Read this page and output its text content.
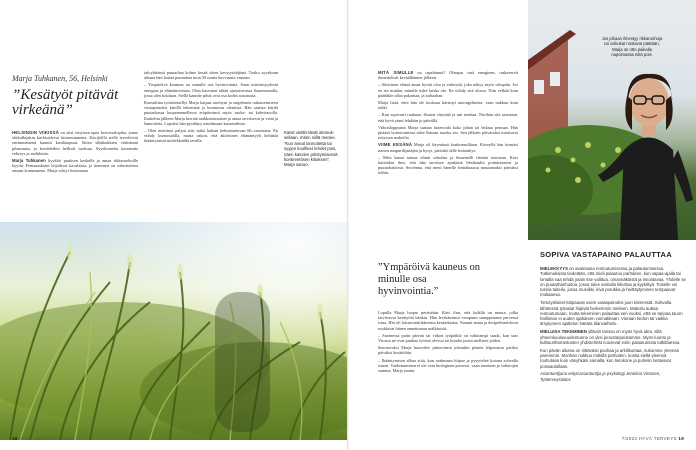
Marja Tuhkanen, 56, Helsinki
”Kesätyöt pitävät virkeänä”

HELSINGIN VIIKISSÄ on yksi erityisen upea kerrossalopiha, jonne ohikulkijakin kurkistelevat kiinnostuneina. Kävijöillä siellä tervehtivät ensimmäisenä kauniit kirsikkapuut. Sitten tähtikukkien värittämät pihamaata, ja kortteleihin hellivät tuoksua. Syyshornetta kauneutta vehreys ja mehikinta.

Marja Tuhkanen kyykkii puuksen keskellä ja antaa rikkaruohoille kyytiä. Pensasaskasei leijailivat kavalaisia, ja tiemmeri on valmisteissa omaan kommaansa. Marja ryhtyi hoitamaan

taloyhtiönsä puutarhaa kolme kesää sitten kevytyrittäjänä. Touko–syyskuun aikana hän hoitaa puutarhaa noin 50 tuntia kuvvausta vastaan.

– Ympäröivä kauneus on minulle osa hyvinvointia. Saan esteettisyydestä energiaa ja elämänvoimaa. Olen kasvanut tähän ajassasivassa Saarenmaalla, jossa olen kouluun. Siellä kaunite pihat ovat osa kodin sisustusta.

Konsultina työskennellyt Marja kaipaa airoitym ja ongelmien ratkaisemiseen vastapainoksi käsillä tekemistä ja luonnossa olemista. Hän saattaa käydä puutarhassa luopeammellessa eräpäivänsä myös ruoka- tai kahvitauolla. Ilsakeltin jälkeen Marja kiertää raakkutustoaiset ja antaa tarvitsevat ja vettä ja lannoitetta. Lopuksi hän pysähtyy nauttimaan kauneudesta.

– Olen miettinyt paljon sitä, mikä haluan kehontuntuvan 60–vuotiaana. En viihdy kunnosalilla, mutta uskon, että aktiivinen elämäntyyli kehittää ikääntymistä mielekkäällä tavalla.

Kaivit vieläh-tävät olemuk-sellaan, miten niillä menee. ”Kun annat lannoitetta tai syyjen kuollleet lehdet pois, näen kasvien piristymisessä konkreettisen kiitoksen”, Marja sanoo.
18 HYVÄ TERVEYS 7/2022

MITÄ SIMULLE on tapahtunut? Olenpas sinä energinen, rinkavereit ihmettelivät keväällämme jälkeen.

– Aktivinen elämä antaa hyvää oloa ja virkeyttä, joka näkyy myös ulospäin. Jos en tee mitään, minulle tulee laiska olo. En viihdy sitä olossa. Niin velkää kuin päädäkin allaa pakontaa, ja tarhaahan.

Marja lisää, ettei hän ole koskaan kärsinyt uniongelmista, vaan nukkuu kuin tukki.

– Kun sopivasti rauhaua. Ilsaton väsyttää ja uni maittaa. Nörthän sitä sanotaan, että hyvä ytuni tehdään jo päivällä.

Viikonloppuisin Marja saattaa haravoida koko pihan tai leikata pensaat. Hän pitääsä hoitotoimessa talee lhaisan tauoka eto. Sen jälkeen päivässäni maistuvat erityisen makeilta.

VIIME KESÄNÄ Marja oli käymässä konkonsulilaan. Käveyllä hän törmäsi naisen naapurilijanäjän ja kysyi, pärisikö tälle lesänittiys.

– Mies kanut minua olimit sokulsta ja ihmemelli ilemän toimiaan. Kävi kuitenkin ilmi, että hän tarvitsee apukäsiä lehtikaulin poimintaseen ja puutarhatöissä. Suvienna, että meni hänelle heinäkuussa muutamaksi päiväksi töihin.

Jos pihaan ilmestyy rikkaruohoja tai voikukat nostavat päätään, Marja on otto paikalla napoimassa niitä pois.
”Ympäröivä kauneus on minulle osa hyvinvointia.”

Lopulla Marja luopui pestistään. Kävi ilmi, että kylällä on muuta, jolka tarvitsevat kesätyötä hänkin. Hän levittämässä verapuun suuuppuunsa parvessa istua. Hin oli laistavarattikkeensa kesäaikaista. Naamit antaa ja desipeikiasidovat ruokkivat hänen annettoman mälkäsistä.

– Suomessa parin päivän tai viikon työpätkiä on valkeampi saada, kun taas Virossa ne ovat puuhaa työissä olevuu tai kondia jotain mellisen joiden.

Seuraavaksi Marja haaveilee pääsevänsä johonkin pienen lelpomeon pariksi päiväksi kesätöihin.

– Ikääntymisen alkua siitä, kun urahmaan hitpaa ja pysytteleë kotona sohvalla istuen. Vanhenaminen ei ole vain biologinen prosessi, vaan asenteen ja valintojen summa, Marja ruumi.

SOPIVA VASTAPAINO PALAUTTAA

MIELEKKYYS on avainsana rentoutumisessa ja palautumisessa. Tutkimuksista tiedetään, että mieli palautuu parhaiten, kun vapaa-ajalla tai lomalla saa tehdä jotain itse valittua, omannäköistä ja innostavaa. Yhdelle se on puutarhanhoitoa, jossa tulee samalla liikuttua ja kyykittyä. Toiselle voi toimia taiteilu, jossa musiikki, kiva porukka ja heittäytyminen tempaavat mukaansa.

Tietotyölaiset käipaavat usein vastapainoksi juuri tekemistä. Sohvalla lähötessä työasiat hiipivät herkemmin mieleen. Makoilu auttaa rentoutumaan, mutta tekeminen palauttaa sen vuoksi, että se tarjoaa tauon hallinnan ei uuden ajatuksen voimakkaan. Vieraan tiedon tai vaikka ärsytyneen ajattelun haitata tilanvaihtelu.

MIELUISA TEKEMINEN ylläviiri tarissa on myös hyvä idea, sillä yhteenkuuluvuudentunne on yksi perustarpeistamme. Myös luonto ja kulttuuriharrastusten yhdistelmät nousevat esiin palautumista tutkittaessa.

Kun pävän aikana on riittävästi puuhaa ja arkilikuntaa, nukumme yleensä paremmin. Monhan nukkuu mökillä parhaiten, koska siellä yleensä touhutaan kuin väsyhkäsi samalla, kun tietokone ja puhelin lustaisvat poissaolollaan.

Asiantuntijana erityisasiantuntija ja psykologi Jenniina Virtanen, Työterveyslaitos

7/2022 HYVÄ TERVEYS 19
